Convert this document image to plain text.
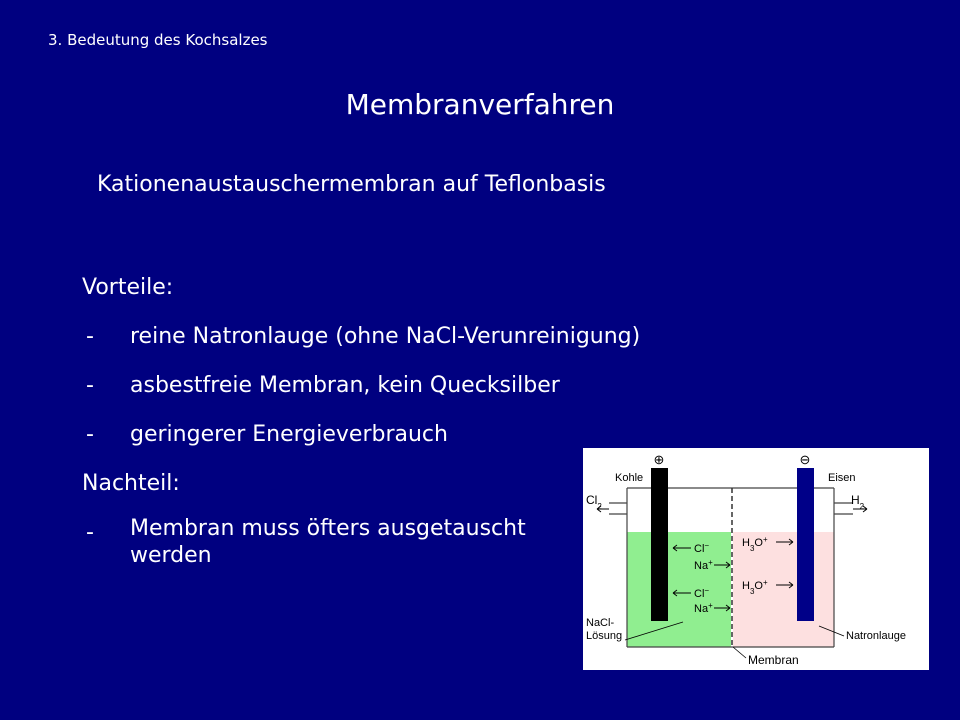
3. Bedeutung des Kochsalzes
Membranverfahren
Kationenaustauschermembran auf Teflonbasis
Vorteile:
-	reine Natronlauge (ohne NaCl-Verunreinigung)
-	asbestfreie Membran, kein Quecksilber
-	geringerer Energieverbrauch
Nachteil:
-	Membran muss öfters ausgetauscht werden
⊕	⊖
Kohle	Eisen
$Cl_2$	$H_2$
Cl−
Na+
Cl−
Na+
$H_3O^+$
$H_3O^+$
NaCl-Lösung	Natronlauge
Membran
